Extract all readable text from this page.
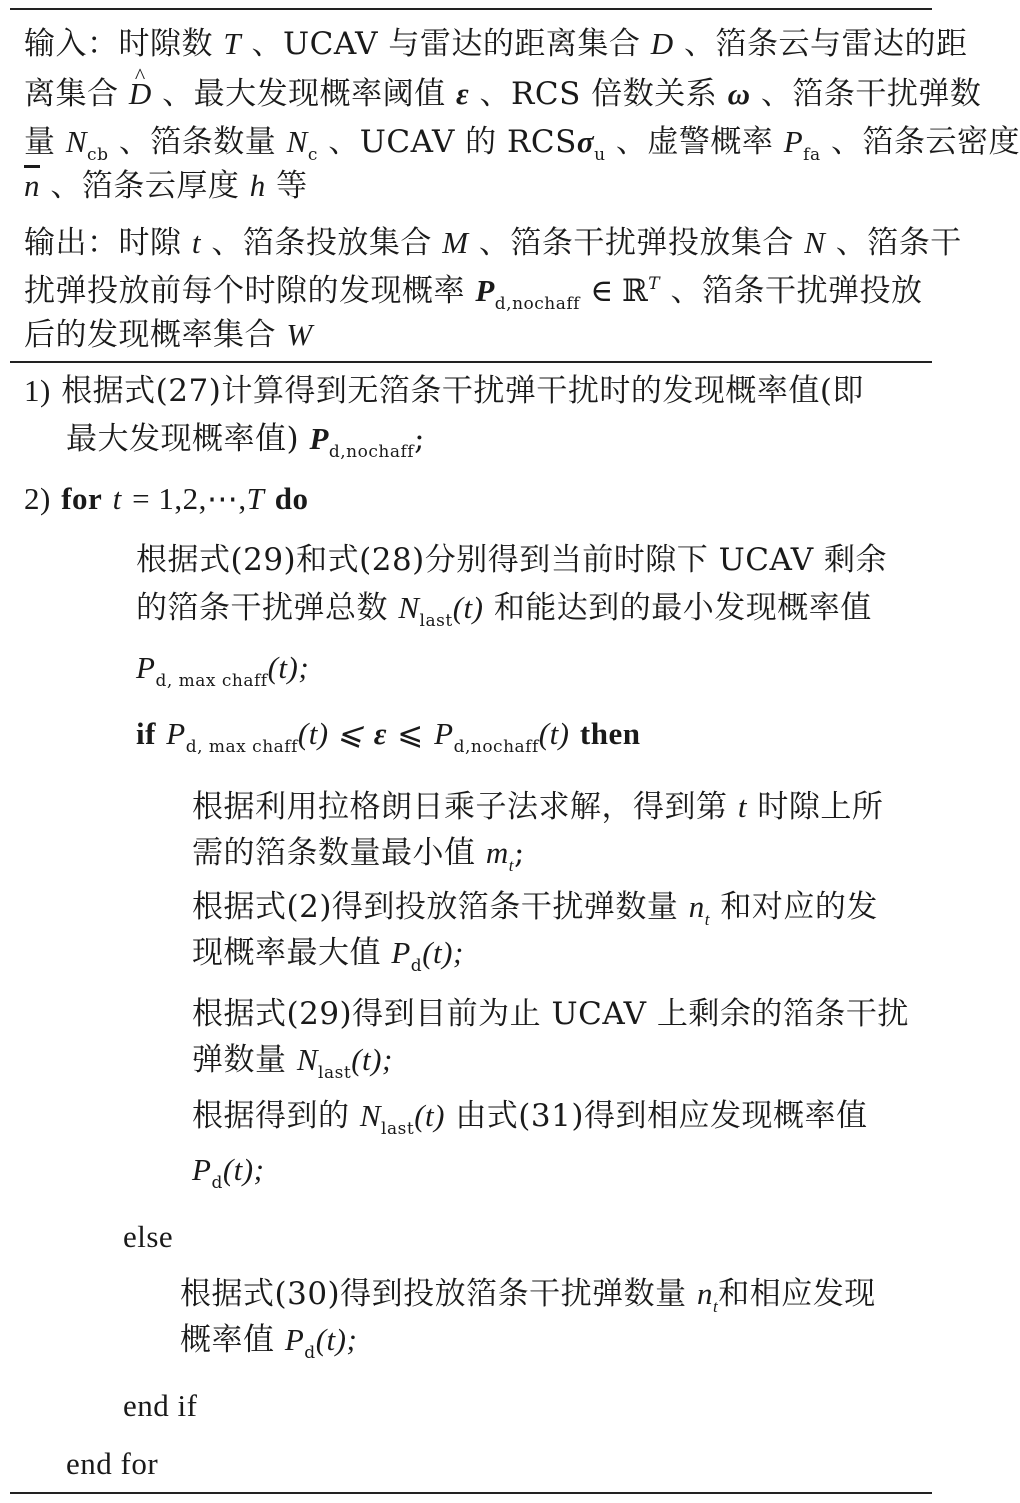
输入：时隙数 T 、UCAV 与雷达的距离集合 D 、箔条云与雷达的距
离集合 ^ D 、最大发现概率阈值 ε 、RCS 倍数关系 ω 、箔条干扰弹数
量 $N_{cb}$ 、箔条数量 $N_c$ 、UCAV 的 RCSσ$_u$ 、虚警概率 $P_{fa}$ 、箔条云密度
$\overline{n}$ 、箔条云厚度 h 等
输出：时隙 t 、箔条投放集合 M 、箔条干扰弹投放集合 N 、箔条干
扰弹投放前每个时隙的发现概率 $P_{d,nochaff}$ ∈ ℝ$^T$ 、箔条干扰弹投放
后的发现概率集合 W
1) 根据式(27)计算得到无箔条干扰弹干扰时的发现概率值(即
最大发现概率值) $P_{d,nochaff}$;
2) for t = 1,2,⋯,T do
根据式(29)和式(28)分别得到当前时隙下 UCAV 剩余
的箔条干扰弹总数 $N_{last}(t)$ 和能达到的最小发现概率值
$P_{d, max chaff}(t)$;
if $P_{d, max chaff}(t)$ ⩽ ε ⩽ $P_{d,nochaff}(t)$ then
根据利用拉格朗日乘子法求解，得到第 t 时隙上所
需的箔条数量最小值 $m_t$;
根据式(2)得到投放箔条干扰弹数量 $n_t$ 和对应的发
现概率最大值 $P_d(t)$;
根据式(29)得到目前为止 UCAV 上剩余的箔条干扰
弹数量 $N_{last}(t)$;
根据得到的 $N_{last}(t)$ 由式(31)得到相应发现概率值
$P_d(t)$;
else
根据式(30)得到投放箔条干扰弹数量 $n_t$和相应发现
概率值 $P_d(t)$;
end if
end for
